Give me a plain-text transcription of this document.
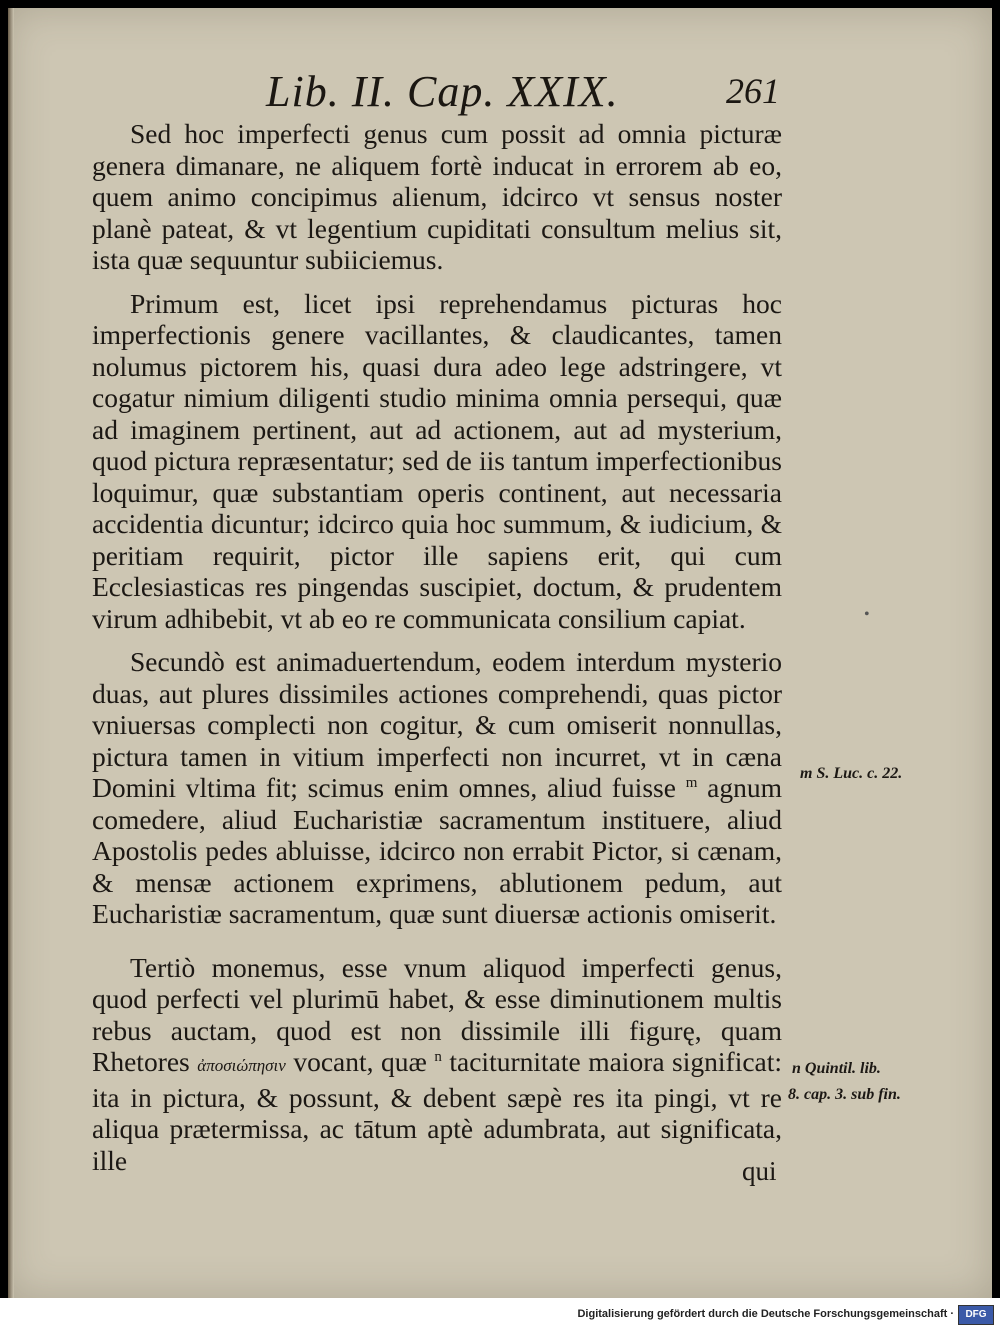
Lib. II. Cap. XXIX.	261

Sed hoc imperfecti genus cum possit ad omnia picturæ genera dimanare, ne aliquem fortè inducat in errorem ab eo, quem animo concipimus alienum, idcirco vt sensus noster planè pateat, & vt legentium cupiditati consultum melius sit, ista quæ sequuntur subiiciemus.

Primum est, licet ipsi reprehendamus picturas hoc imperfectionis genere vacillantes, & claudicantes, tamen nolumus pictorem his, quasi dura adeo lege adstringere, vt cogatur nimium diligenti studio minima omnia persequi, quæ ad imaginem pertinent, aut ad actionem, aut ad mysterium, quod pictura repræsentatur; sed de iis tantum imperfectionibus loquimur, quæ substantiam operis continent, aut necessaria accidentia dicuntur; idcirco quia hoc summum, & iudicium, & peritiam requirit, pictor ille sapiens erit, qui cum Ecclesiasticas res pingendas suscipiet, doctum, & prudentem virum adhibebit, vt ab eo re communicata consilium capiat.

Secundò est animaduertendum, eodem interdum mysterio duas, aut plures dissimiles actiones comprehendi, quas pictor vniuersas complecti non cogitur, & cum omiserit nonnullas, pictura tamen in vitium imperfecti non incurret, vt in cæna Domini vltima fit; scimus enim omnes, aliud fuisse $^m$ agnum comedere, aliud Eucharistiæ sacramentum instituere, aliud Apostolis pedes abluisse, idcirco non errabit Pictor, si cænam, & mensæ actionem exprimens, ablutionem pedum, aut Eucharistiæ sacramentum, quæ sunt diuersæ actionis omiserit.

Tertiò monemus, esse vnum aliquod imperfecti genus, quod perfecti vel plurimū habet, & esse diminutionem multis rebus auctam, quod est non dissimile illi figurę, quam Rhetores ἀποσιώπησιν vocant, quæ $^n$ taciturnitate maiora significat: ita in pictura, & possunt, & debent sæpè res ita pingi, vt re aliqua prætermissa, ac tātum aptè adumbrata, aut significata, ille	qui
•
m S. Luc. c. 22.
n Quintil. lib.
8. cap. 3. sub fin.
Digitalisierung gefördert durch die Deutsche Forschungsgemeinschaft ·	DFG
